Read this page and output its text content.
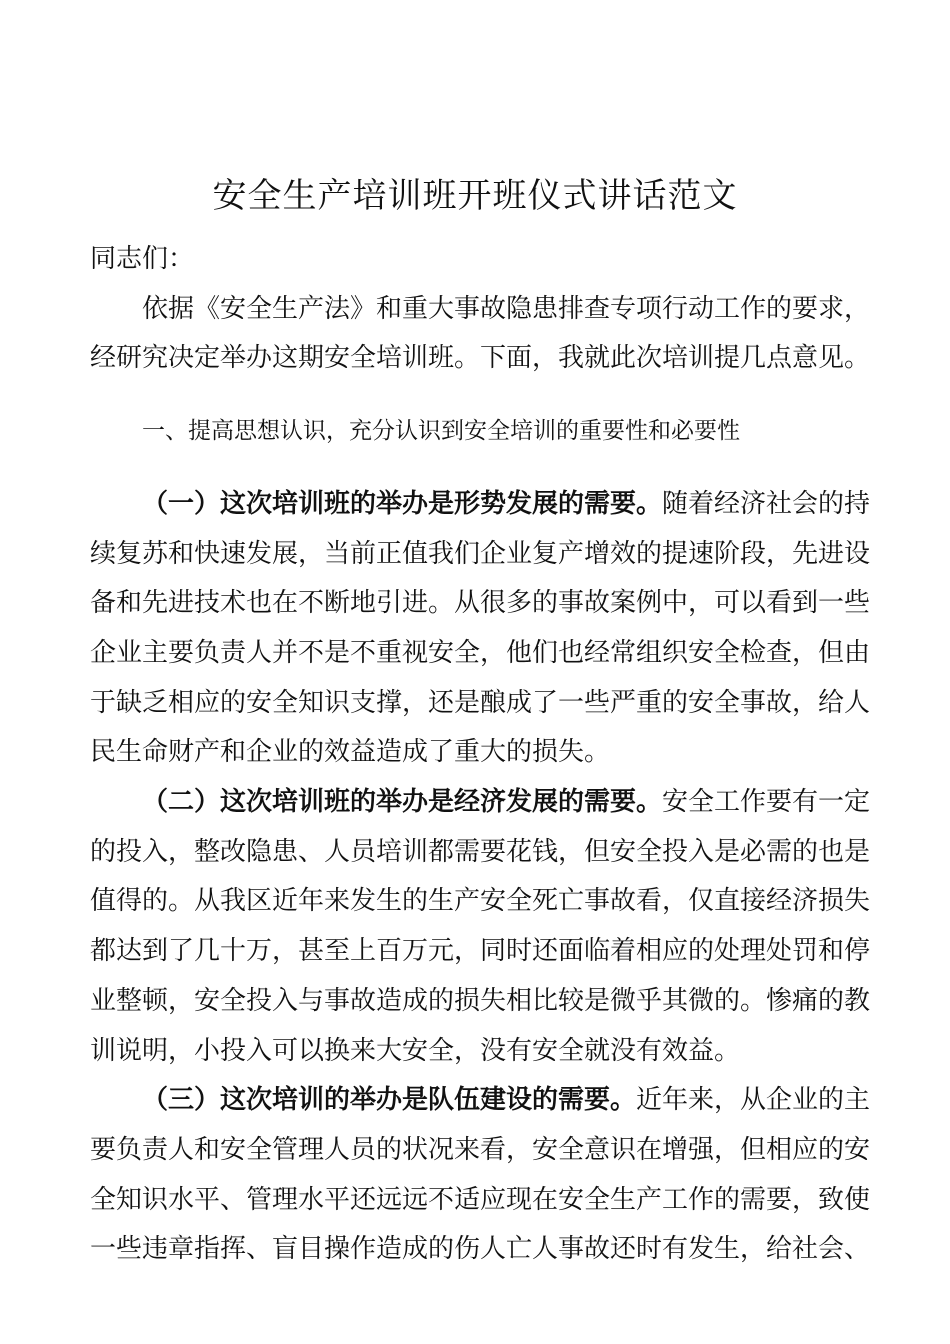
安全生产培训班开班仪式讲话范文

同志们：

依据《安全生产法》和重大事故隐患排查专项行动工作的要求，

经研究决定举办这期安全培训班。下面，我就此次培训提几点意见。

一、提高思想认识，充分认识到安全培训的重要性和必要性

（一）这次培训班的举办是形势发展的需要。随着经济社会的持

续复苏和快速发展，当前正值我们企业复产增效的提速阶段，先进设

备和先进技术也在不断地引进。从很多的事故案例中，可以看到一些

企业主要负责人并不是不重视安全，他们也经常组织安全检查，但由

于缺乏相应的安全知识支撑，还是酿成了一些严重的安全事故，给人

民生命财产和企业的效益造成了重大的损失。

（二）这次培训班的举办是经济发展的需要。安全工作要有一定

的投入，整改隐患、人员培训都需要花钱，但安全投入是必需的也是

值得的。从我区近年来发生的生产安全死亡事故看，仅直接经济损失

都达到了几十万，甚至上百万元，同时还面临着相应的处理处罚和停

业整顿，安全投入与事故造成的损失相比较是微乎其微的。惨痛的教

训说明，小投入可以换来大安全，没有安全就没有效益。

（三）这次培训的举办是队伍建设的需要。近年来，从企业的主

要负责人和安全管理人员的状况来看，安全意识在增强，但相应的安

全知识水平、管理水平还远远不适应现在安全生产工作的需要，致使

一些违章指挥、盲目操作造成的伤人亡人事故还时有发生，给社会、
